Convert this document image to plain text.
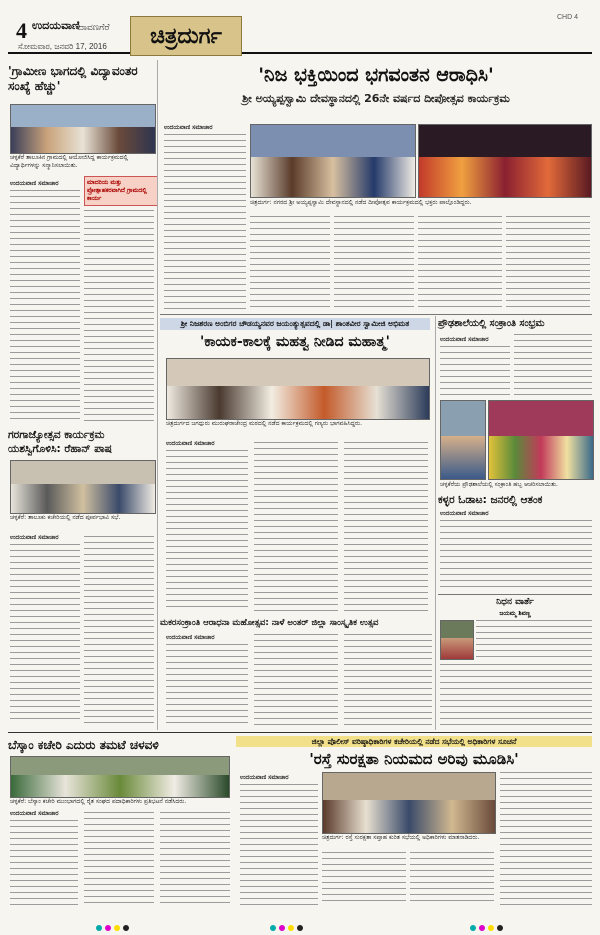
4 ಉದಯವಾಣಿ
ದಾವಣಗೆರೆ
ಸೋಮವಾರ, ಜನವರಿ 17, 2016	ಚಿತ್ರದುರ್ಗ
CHD 4
'ಗ್ರಾಮೀಣ ಭಾಗದಲ್ಲಿ ವಿದ್ಯಾವಂತರ ಸಂಖ್ಯೆ ಹೆಚ್ಚು'
ಚಳ್ಳಕೆರೆ ತಾಲೂಕಿನ ಗ್ರಾಮದಲ್ಲಿ ಆಯೋಜಿಸಿದ್ದ ಕಾರ್ಯಕ್ರಮದಲ್ಲಿ ವಿದ್ಯಾರ್ಥಿಗಳನ್ನು ಸನ್ಮಾನಿಸಲಾಯಿತು.
ಉದಯವಾಣಿ ಸಮಾಚಾರ	ಮಾದರಿಯ ಮತ್ತು ಪ್ರೋತ್ಸಾಹಕರವಾಗಿದೆ ಗ್ರಾಮದಲ್ಲಿ ಕಾರ್ಯ
'ನಿಜ ಭಕ್ತಿಯಿಂದ ಭಗವಂತನ ಆರಾಧಿಸಿ'
ಶ್ರೀ ಅಯ್ಯಪ್ಪಸ್ವಾಮಿ ದೇವಸ್ಥಾನದಲ್ಲಿ 26ನೇ ವರ್ಷದ ದೀಪೋತ್ಸವ ಕಾರ್ಯಕ್ರಮ
ಚಿತ್ರದುರ್ಗ: ನಗರದ ಶ್ರೀ ಅಯ್ಯಪ್ಪಸ್ವಾಮಿ ದೇವಸ್ಥಾನದಲ್ಲಿ ನಡೆದ ದೀಪೋತ್ಸವ ಕಾರ್ಯಕ್ರಮದಲ್ಲಿ ಭಕ್ತರು ಪಾಲ್ಗೊಂಡಿದ್ದರು.
ಉದಯವಾಣಿ ಸಮಾಚಾರ
ಶ್ರೀ ನಿಜಶರಣ ಅಂಬಿಗರ ಚೌಡಯ್ಯನವರ ಜಯಂತ್ಯುತ್ಸವದಲ್ಲಿ ಡಾ| ಶಾಂತವೀರ ಸ್ವಾಮೀಜಿ ಅಭಿಮತ
'ಕಾಯಕ-ಕಾಲಕ್ಕೆ ಮಹತ್ವ ನೀಡಿದ ಮಹಾತ್ಮ'
ಚಿತ್ರದುರ್ಗದ ಜಗದ್ಗುರು ಮುರುಘರಾಜೇಂದ್ರ ಮಠದಲ್ಲಿ ನಡೆದ ಕಾರ್ಯಕ್ರಮದಲ್ಲಿ ಗಣ್ಯರು ಭಾಗವಹಿಸಿದ್ದರು.
ಉದಯವಾಣಿ ಸಮಾಚಾರ
ಪ್ರೌಢಶಾಲೆಯಲ್ಲಿ ಸಂಕ್ರಾಂತಿ ಸಂಭ್ರಮ
ಉದಯವಾಣಿ ಸಮಾಚಾರ
ಚಳ್ಳಕೆರೆಯ ಪ್ರೌಢಶಾಲೆಯಲ್ಲಿ ಸಂಕ್ರಾಂತಿ ಹಬ್ಬ ಆಚರಿಸಲಾಯಿತು.
ಕಳ್ಳರ ಓಡಾಟ: ಜನರಲ್ಲಿ ಆತಂಕ
ಉದಯವಾಣಿ ಸಮಾಚಾರ
ನಿಧನ ವಾರ್ತೆ
ಜಯಮ್ಮ ಶಿವಣ್ಣ
ಗರಗಾಜ್ಯೋತ್ಸವ ಕಾರ್ಯಕ್ರಮ ಯಶಸ್ವಿಗೊಳಿಸಿ: ರೆಹಾನ್ ಪಾಷ
ಚಳ್ಳಕೆರೆ: ತಾಲೂಕು ಕಚೇರಿಯಲ್ಲಿ ನಡೆದ ಪೂರ್ವಭಾವಿ ಸಭೆ.
ಉದಯವಾಣಿ ಸಮಾಚಾರ
ಮಕರಸಂಕ್ರಾಂತಿ ಆರಾಧನಾ ಮಹೋತ್ಸವ: ನಾಳೆ ಅಂತರ್ ಜಿಲ್ಲಾ ಸಾಂಸ್ಕೃತಿಕ ಉತ್ಸವ
ಉದಯವಾಣಿ ಸಮಾಚಾರ
ಬೆಸ್ಕಾಂ ಕಚೇರಿ ಎದುರು ತಮಟೆ ಚಳವಳಿ
ಚಳ್ಳಕೆರೆ: ಬೆಸ್ಕಾಂ ಕಚೇರಿ ಮುಂಭಾಗದಲ್ಲಿ ರೈತ ಸಂಘದ ಪದಾಧಿಕಾರಿಗಳು ಪ್ರತಿಭಟನೆ ನಡೆಸಿದರು.
ಉದಯವಾಣಿ ಸಮಾಚಾರ
ಜಿಲ್ಲಾ ಪೊಲೀಸ್ ವರಿಷ್ಠಾಧಿಕಾರಿಗಳ ಕಚೇರಿಯಲ್ಲಿ ನಡೆದ ಸಭೆಯಲ್ಲಿ ಅಧಿಕಾರಿಗಳ ಸೂಚನೆ
'ರಸ್ತೆ ಸುರಕ್ಷತಾ ನಿಯಮದ ಅರಿವು ಮೂಡಿಸಿ'
ಉದಯವಾಣಿ ಸಮಾಚಾರ
ಚಿತ್ರದುರ್ಗ: ರಸ್ತೆ ಸುರಕ್ಷತಾ ಸಪ್ತಾಹ ಕುರಿತ ಸಭೆಯಲ್ಲಿ ಅಧಿಕಾರಿಗಳು ಮಾತನಾಡಿದರು.
